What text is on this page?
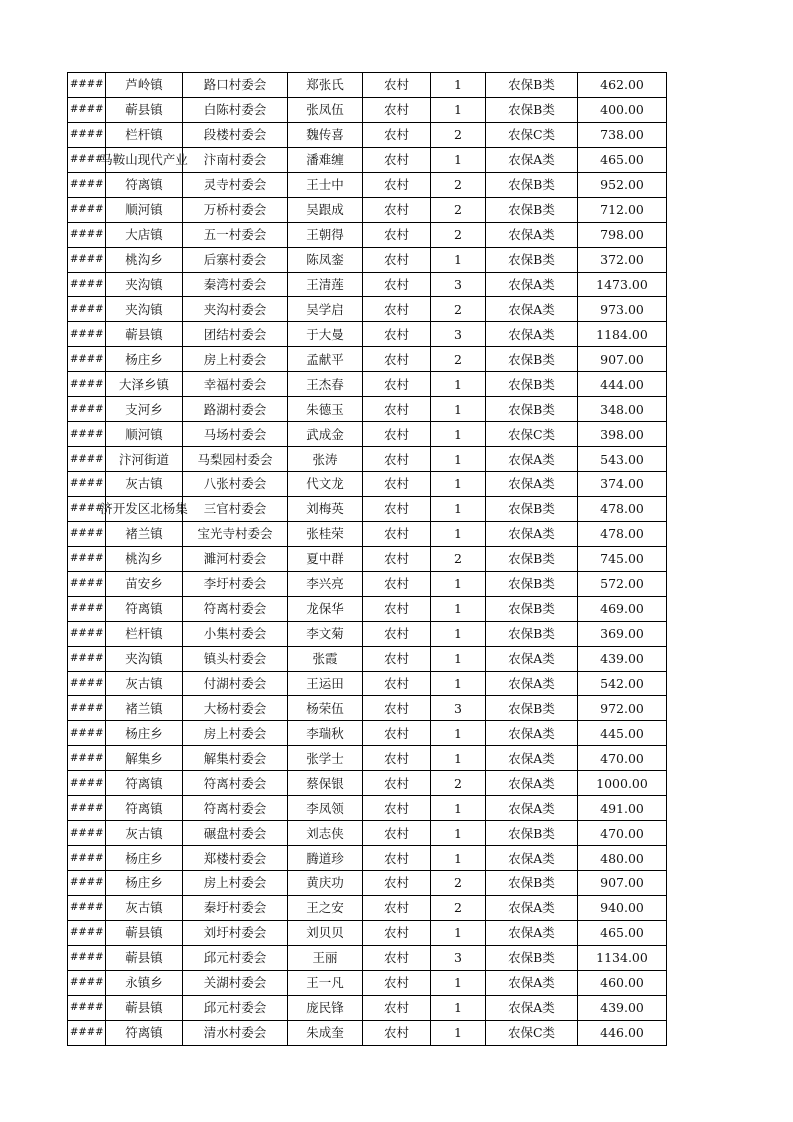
####	芦岭镇	路口村委会	郑张氏	农村	1	农保B类	462.00
####	蕲县镇	白陈村委会	张凤伍	农村	1	农保B类	400.00
####	栏杆镇	段楼村委会	魏传喜	农村	2	农保C类	738.00
####	马鞍山现代产业	汴南村委会	潘难缠	农村	1	农保A类	465.00
####	符离镇	灵寺村委会	王士中	农村	2	农保B类	952.00
####	顺河镇	万桥村委会	吴跟成	农村	2	农保B类	712.00
####	大店镇	五一村委会	王朝得	农村	2	农保A类	798.00
####	桃沟乡	后寨村委会	陈凤銮	农村	1	农保B类	372.00
####	夹沟镇	秦湾村委会	王清莲	农村	3	农保A类	1473.00
####	夹沟镇	夹沟村委会	吴学启	农村	2	农保A类	973.00
####	蕲县镇	团结村委会	于大曼	农村	3	农保A类	1184.00
####	杨庄乡	房上村委会	孟献平	农村	2	农保B类	907.00
####	大泽乡镇	幸福村委会	王杰春	农村	1	农保B类	444.00
####	支河乡	路湖村委会	朱德玉	农村	1	农保B类	348.00
####	顺河镇	马场村委会	武成金	农村	1	农保C类	398.00
####	汴河街道	马梨园村委会	张涛	农村	1	农保A类	543.00
####	灰古镇	八张村委会	代文龙	农村	1	农保A类	374.00
####	济开发区北杨集	三官村委会	刘梅英	农村	1	农保B类	478.00
####	褚兰镇	宝光寺村委会	张桂荣	农村	1	农保A类	478.00
####	桃沟乡	濉河村委会	夏中群	农村	2	农保B类	745.00
####	苗安乡	李圩村委会	李兴亮	农村	1	农保B类	572.00
####	符离镇	符离村委会	龙保华	农村	1	农保B类	469.00
####	栏杆镇	小集村委会	李文菊	农村	1	农保B类	369.00
####	夹沟镇	镇头村委会	张霞	农村	1	农保A类	439.00
####	灰古镇	付湖村委会	王运田	农村	1	农保A类	542.00
####	褚兰镇	大杨村委会	杨荣伍	农村	3	农保B类	972.00
####	杨庄乡	房上村委会	李瑞秋	农村	1	农保A类	445.00
####	解集乡	解集村委会	张学士	农村	1	农保A类	470.00
####	符离镇	符离村委会	蔡保银	农村	2	农保A类	1000.00
####	符离镇	符离村委会	李凤领	农村	1	农保A类	491.00
####	灰古镇	碾盘村委会	刘志侠	农村	1	农保B类	470.00
####	杨庄乡	郑楼村委会	腾道珍	农村	1	农保A类	480.00
####	杨庄乡	房上村委会	黄庆功	农村	2	农保B类	907.00
####	灰古镇	秦圩村委会	王之安	农村	2	农保A类	940.00
####	蕲县镇	刘圩村委会	刘贝贝	农村	1	农保A类	465.00
####	蕲县镇	邱元村委会	王丽	农村	3	农保B类	1134.00
####	永镇乡	关湖村委会	王一凡	农村	1	农保A类	460.00
####	蕲县镇	邱元村委会	庞民锋	农村	1	农保A类	439.00
####	符离镇	清水村委会	朱成奎	农村	1	农保C类	446.00
